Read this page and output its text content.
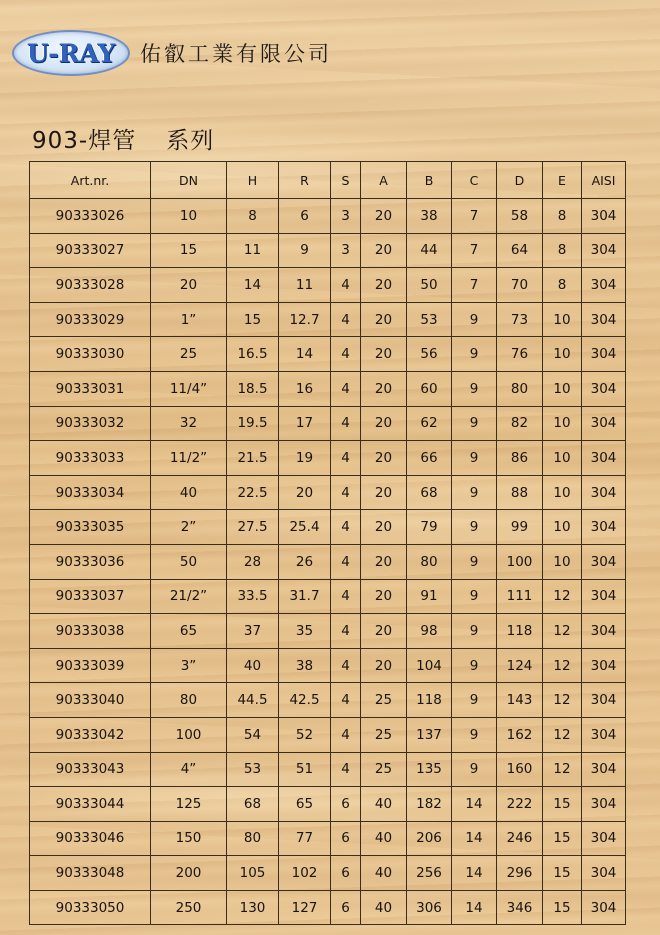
U-RAY	佑叡工業有限公司
903-焊管 系列
Art.nr.	DN	H	R	S	A	B	C	D	E	AISI
90333026	10	8	6	3	20	38	7	58	8	304
90333027	15	11	9	3	20	44	7	64	8	304
90333028	20	14	11	4	20	50	7	70	8	304
90333029	1”	15	12.7	4	20	53	9	73	10	304
90333030	25	16.5	14	4	20	56	9	76	10	304
90333031	11/4”	18.5	16	4	20	60	9	80	10	304
90333032	32	19.5	17	4	20	62	9	82	10	304
90333033	11/2”	21.5	19	4	20	66	9	86	10	304
90333034	40	22.5	20	4	20	68	9	88	10	304
90333035	2”	27.5	25.4	4	20	79	9	99	10	304
90333036	50	28	26	4	20	80	9	100	10	304
90333037	21/2”	33.5	31.7	4	20	91	9	111	12	304
90333038	65	37	35	4	20	98	9	118	12	304
90333039	3”	40	38	4	20	104	9	124	12	304
90333040	80	44.5	42.5	4	25	118	9	143	12	304
90333042	100	54	52	4	25	137	9	162	12	304
90333043	4”	53	51	4	25	135	9	160	12	304
90333044	125	68	65	6	40	182	14	222	15	304
90333046	150	80	77	6	40	206	14	246	15	304
90333048	200	105	102	6	40	256	14	296	15	304
90333050	250	130	127	6	40	306	14	346	15	304
